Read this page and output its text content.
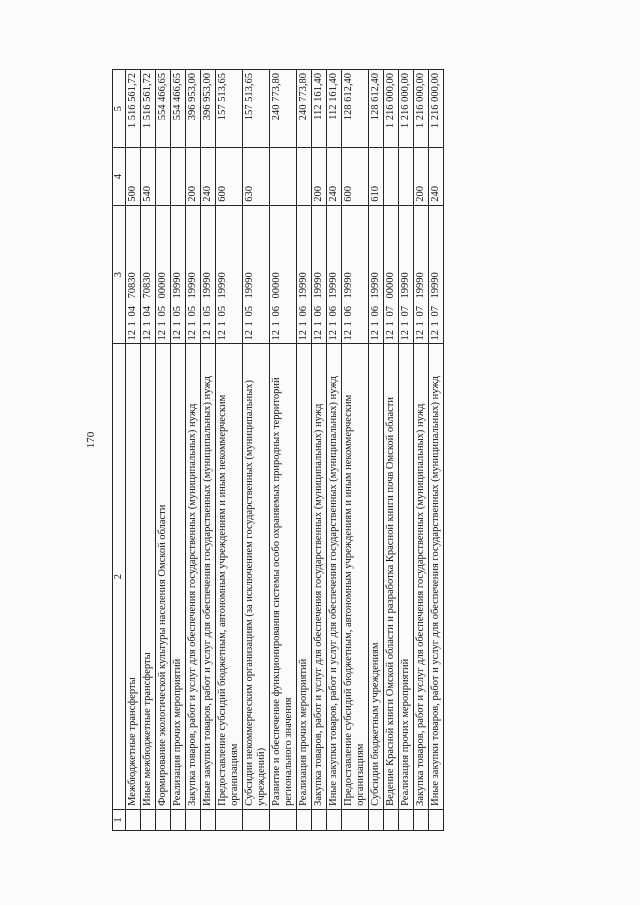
170
1	2	3	4	5
	Межбюджетные трансферты	1210470830	500	1 516 561,72
	Иные межбюджетные трансферты	1210470830	540	1 516 561,72
	Формирование экологической культуры населения Омской области	1210500000		554 466,65
	Реализация прочих мероприятий	1210519990		554 466,65
	Закупка товаров, работ и услуг для обеспечения государственных (муниципальных) нужд	1210519990	200	396 953,00
	Иные закупки товаров, работ и услуг для обеспечения государственных (муниципальных) нужд	1210519990	240	396 953,00
	Предоставление субсидий бюджетным, автономным учреждениям и иным некоммерческим организациям	1210519990	600	157 513,65
	Субсидии некоммерческим организациям (за исключением государственных (муниципальных) учреждений)	1210519990	630	157 513,65
	Развитие и обеспечение функционирования системы особо охраняемых природных территорий регионального значения	1210600000		240 773,80
	Реализация прочих мероприятий	1210619990		240 773,80
	Закупка товаров, работ и услуг для обеспечения государственных (муниципальных) нужд	1210619990	200	112 161,40
	Иные закупки товаров, работ и услуг для обеспечения государственных (муниципальных) нужд	1210619990	240	112 161,40
	Предоставление субсидий бюджетным, автономным учреждениям и иным некоммерческим организациям	1210619990	600	128 612,40
	Субсидии бюджетным учреждениям	1210619990	610	128 612,40
	Ведение Красной книги Омской области и разработка Красной книги почв Омской области	1210700000		1 216 000,00
	Реализация прочих мероприятий	1210719990		1 216 000,00
	Закупка товаров, работ и услуг для обеспечения государственных (муниципальных) нужд	1210719990	200	1 216 000,00
	Иные закупки товаров, работ и услуг для обеспечения государственных (муниципальных) нужд	1210719990	240	1 216 000,00
